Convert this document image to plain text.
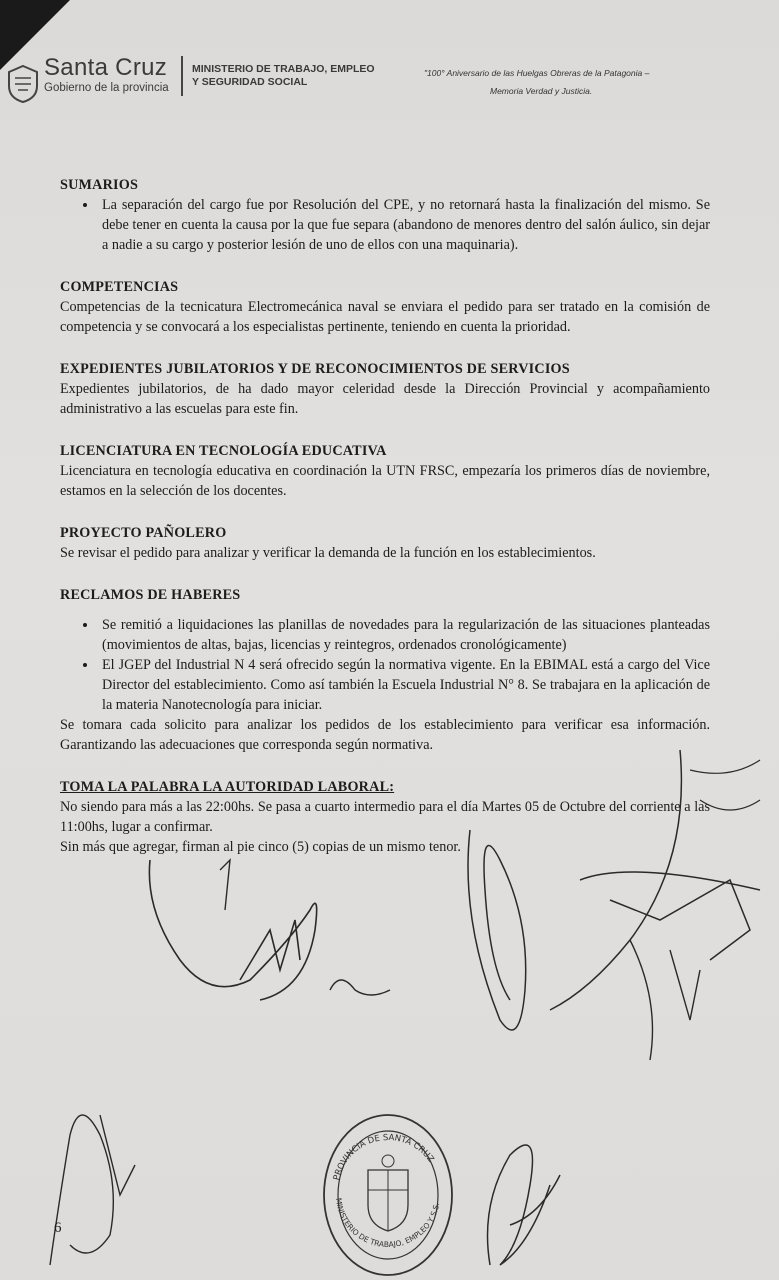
Santa Cruz
Gobierno de la provincia
MINISTERIO DE TRABAJO, EMPLEO
Y SEGURIDAD SOCIAL
"100° Aniversario de las Huelgas Obreras de la Patagonia –
Memoria Verdad y Justicia.
SUMARIOS
• La separación del cargo fue por Resolución del CPE, y no retornará hasta la finalización del mismo. Se debe tener en cuenta la causa por la que fue separa (abandono de menores dentro del salón áulico, sin dejar a nadie a su cargo y posterior lesión de uno de ellos con una maquinaria).
COMPETENCIAS
Competencias de la tecnicatura Electromecánica naval se enviara el pedido para ser tratado en la comisión de competencia y se convocará a los especialistas pertinente, teniendo en cuenta la prioridad.
EXPEDIENTES JUBILATORIOS Y DE RECONOCIMIENTOS DE SERVICIOS
Expedientes jubilatorios, de ha dado mayor celeridad desde la Dirección Provincial y acompañamiento administrativo a las escuelas para este fin.
LICENCIATURA EN TECNOLOGÍA EDUCATIVA
Licenciatura en tecnología educativa en coordinación la UTN FRSC, empezaría los primeros días de noviembre, estamos en la selección de los docentes.
PROYECTO PAÑOLERO
Se revisar el pedido para analizar y verificar la demanda de la función en los establecimientos.
RECLAMOS DE HABERES
• Se remitió a liquidaciones las planillas de novedades para la regularización de las situaciones planteadas (movimientos de altas, bajas, licencias y reintegros, ordenados cronológicamente)
• El JGEP del Industrial N 4 será ofrecido según la normativa vigente. En la EBIMAL está a cargo del Vice Director del establecimiento. Como así también la Escuela Industrial N° 8. Se trabajara en la aplicación de la materia Nanotecnología para iniciar.
Se tomara cada solicito para analizar los pedidos de los establecimiento para verificar esa información. Garantizando las adecuaciones que corresponda según normativa.
TOMA LA PALABRA LA AUTORIDAD LABORAL:
No siendo para más a las 22:00hs. Se pasa a cuarto intermedio para el día Martes 05 de Octubre del corriente a las 11:00hs, lugar a confirmar.
Sin más que agregar, firman al pie cinco (5) copias de un mismo tenor.
PROVINCIA DE SANTA CRUZ
MINISTERIO DE TRABAJO, EMPLEO Y S.S.
6
